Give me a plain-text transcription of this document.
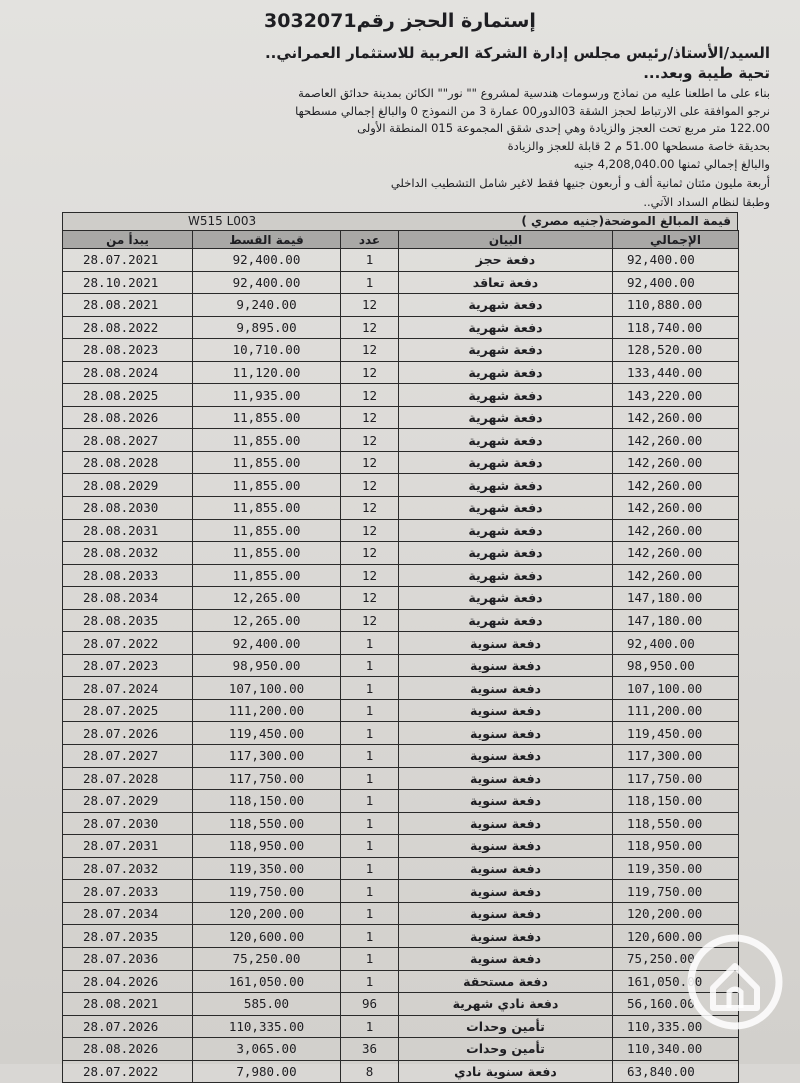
إستمارة الحجز رقم3032071
السيد/الأستاذ/رئيس مجلس إدارة الشركة العربية للاستثمار العمراني..
تحية طيبة وبعد...
بناء على ما اطلعنا عليه من نماذج ورسومات هندسية لمشروع "" نور"" الكائن بمدينة حدائق العاصمة
نرجو الموافقة على الارتباط لحجز الشقة 03الدور00 عمارة 3 من النموذج 0 والبالغ إجمالي مسطحها
122.00 متر مربع تحت العجز والزيادة وهي إحدى شقق المجموعة 015 المنطقة الأولى
بحديقة خاصة مسطحها 51.00 م 2 قابلة للعجز والزيادة
والبالغ إجمالي ثمنها 4,208,040.00 جنيه
أربعة مليون مئتان ثمانية ألف و أربعون جنيها فقط لاغير شامل التشطيب الداخلي
وطبقا لنظام السداد الآتي..
قيمة المبالغ الموضحة(جنيه مصري )
W515 L003
يبدأ من	قيمة القسط	عدد	البيان	الإجمالي
28.07.2021	92,400.00	1	دفعة حجز	92,400.00
28.10.2021	92,400.00	1	دفعة تعاقد	92,400.00
28.08.2021	9,240.00	12	دفعة شهرية	110,880.00
28.08.2022	9,895.00	12	دفعة شهرية	118,740.00
28.08.2023	10,710.00	12	دفعة شهرية	128,520.00
28.08.2024	11,120.00	12	دفعة شهرية	133,440.00
28.08.2025	11,935.00	12	دفعة شهرية	143,220.00
28.08.2026	11,855.00	12	دفعة شهرية	142,260.00
28.08.2027	11,855.00	12	دفعة شهرية	142,260.00
28.08.2028	11,855.00	12	دفعة شهرية	142,260.00
28.08.2029	11,855.00	12	دفعة شهرية	142,260.00
28.08.2030	11,855.00	12	دفعة شهرية	142,260.00
28.08.2031	11,855.00	12	دفعة شهرية	142,260.00
28.08.2032	11,855.00	12	دفعة شهرية	142,260.00
28.08.2033	11,855.00	12	دفعة شهرية	142,260.00
28.08.2034	12,265.00	12	دفعة شهرية	147,180.00
28.08.2035	12,265.00	12	دفعة شهرية	147,180.00
28.07.2022	92,400.00	1	دفعة سنوية	92,400.00
28.07.2023	98,950.00	1	دفعة سنوية	98,950.00
28.07.2024	107,100.00	1	دفعة سنوية	107,100.00
28.07.2025	111,200.00	1	دفعة سنوية	111,200.00
28.07.2026	119,450.00	1	دفعة سنوية	119,450.00
28.07.2027	117,300.00	1	دفعة سنوية	117,300.00
28.07.2028	117,750.00	1	دفعة سنوية	117,750.00
28.07.2029	118,150.00	1	دفعة سنوية	118,150.00
28.07.2030	118,550.00	1	دفعة سنوية	118,550.00
28.07.2031	118,950.00	1	دفعة سنوية	118,950.00
28.07.2032	119,350.00	1	دفعة سنوية	119,350.00
28.07.2033	119,750.00	1	دفعة سنوية	119,750.00
28.07.2034	120,200.00	1	دفعة سنوية	120,200.00
28.07.2035	120,600.00	1	دفعة سنوية	120,600.00
28.07.2036	75,250.00	1	دفعة سنوية	75,250.00
28.04.2026	161,050.00	1	دفعة مستحقة	161,050.00
28.08.2021	585.00	96	دفعة نادي شهرية	56,160.00
28.07.2026	110,335.00	1	تأمين وحدات	110,335.00
28.08.2026	3,065.00	36	تأمين وحدات	110,340.00
28.07.2022	7,980.00	8	دفعة سنوية نادي	63,840.00
